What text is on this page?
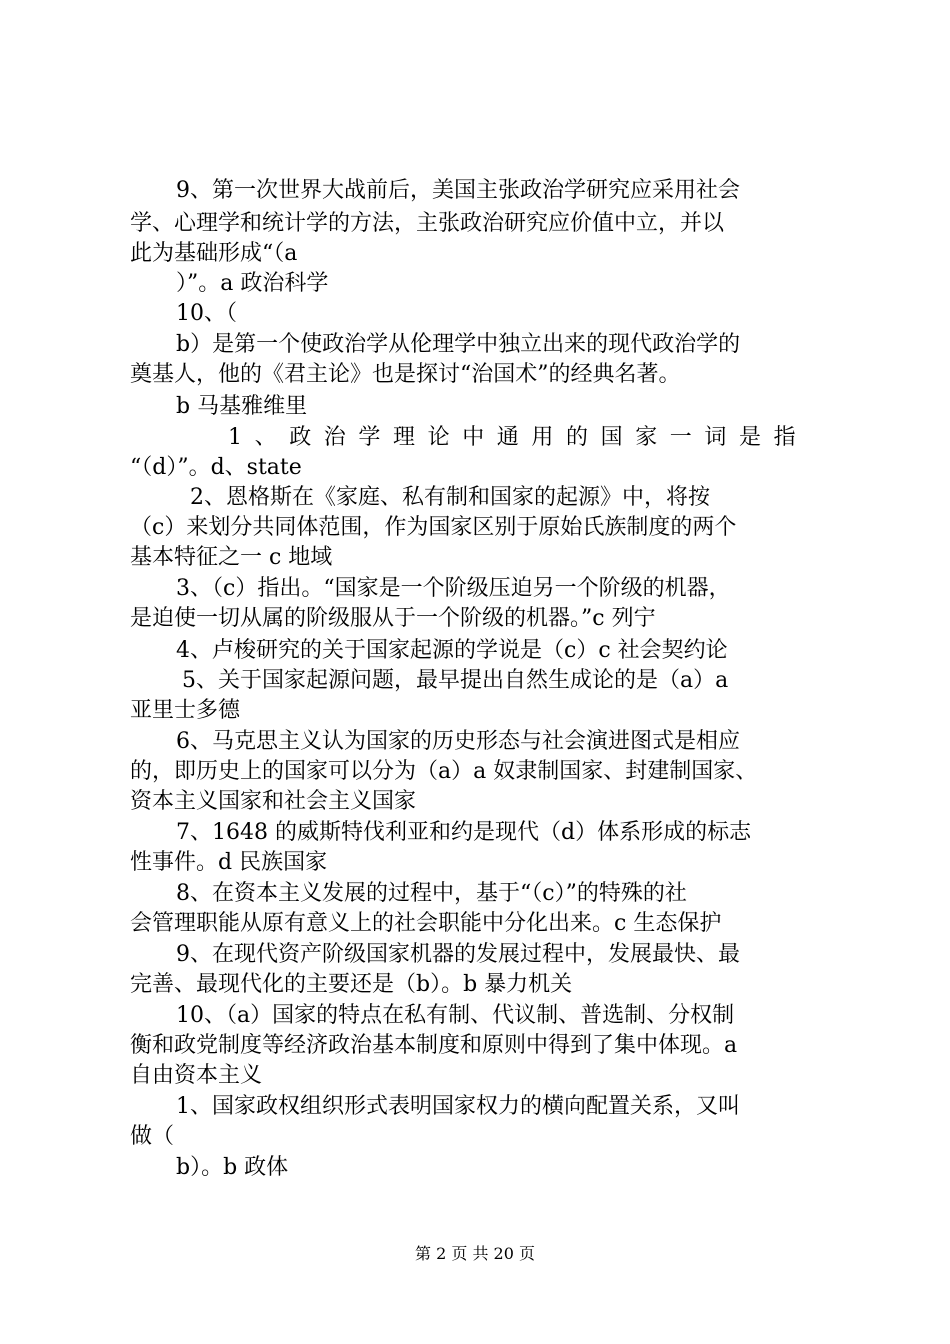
9、第一次世界大战前后，美国主张政治学研究应采用社会
学、心理学和统计学的方法，主张政治研究应价值中立，并以
此为基础形成“（a
）”。a 政治科学
10、（
b）是第一个使政治学从伦理学中独立出来的现代政治学的
奠基人，他的《君主论》也是探讨“治国术”的经典名著。
b 马基雅维里
1、政治学理论中通用的国家一词是指
“（d）”。d、state
2、恩格斯在《家庭、私有制和国家的起源》中，将按
（c）来划分共同体范围，作为国家区别于原始氏族制度的两个
基本特征之一 c 地域
3、（c）指出。“国家是一个阶级压迫另一个阶级的机器，
是迫使一切从属的阶级服从于一个阶级的机器。”c 列宁
4、卢梭研究的关于国家起源的学说是（c）c 社会契约论
5、关于国家起源问题，最早提出自然生成论的是（a）a
亚里士多德
6、马克思主义认为国家的历史形态与社会演进图式是相应
的，即历史上的国家可以分为（a）a 奴隶制国家、封建制国家、
资本主义国家和社会主义国家
7、1648 的威斯特伐利亚和约是现代（d）体系形成的标志
性事件。d 民族国家
8、在资本主义发展的过程中，基于“（c）”的特殊的社
会管理职能从原有意义上的社会职能中分化出来。c 生态保护
9、在现代资产阶级国家机器的发展过程中，发展最快、最
完善、最现代化的主要还是（b）。b 暴力机关
10、（a）国家的特点在私有制、代议制、普选制、分权制
衡和政党制度等经济政治基本制度和原则中得到了集中体现。a
自由资本主义
1、国家政权组织形式表明国家权力的横向配置关系，又叫
做（
b）。b 政体
第 2 页 共 20 页
